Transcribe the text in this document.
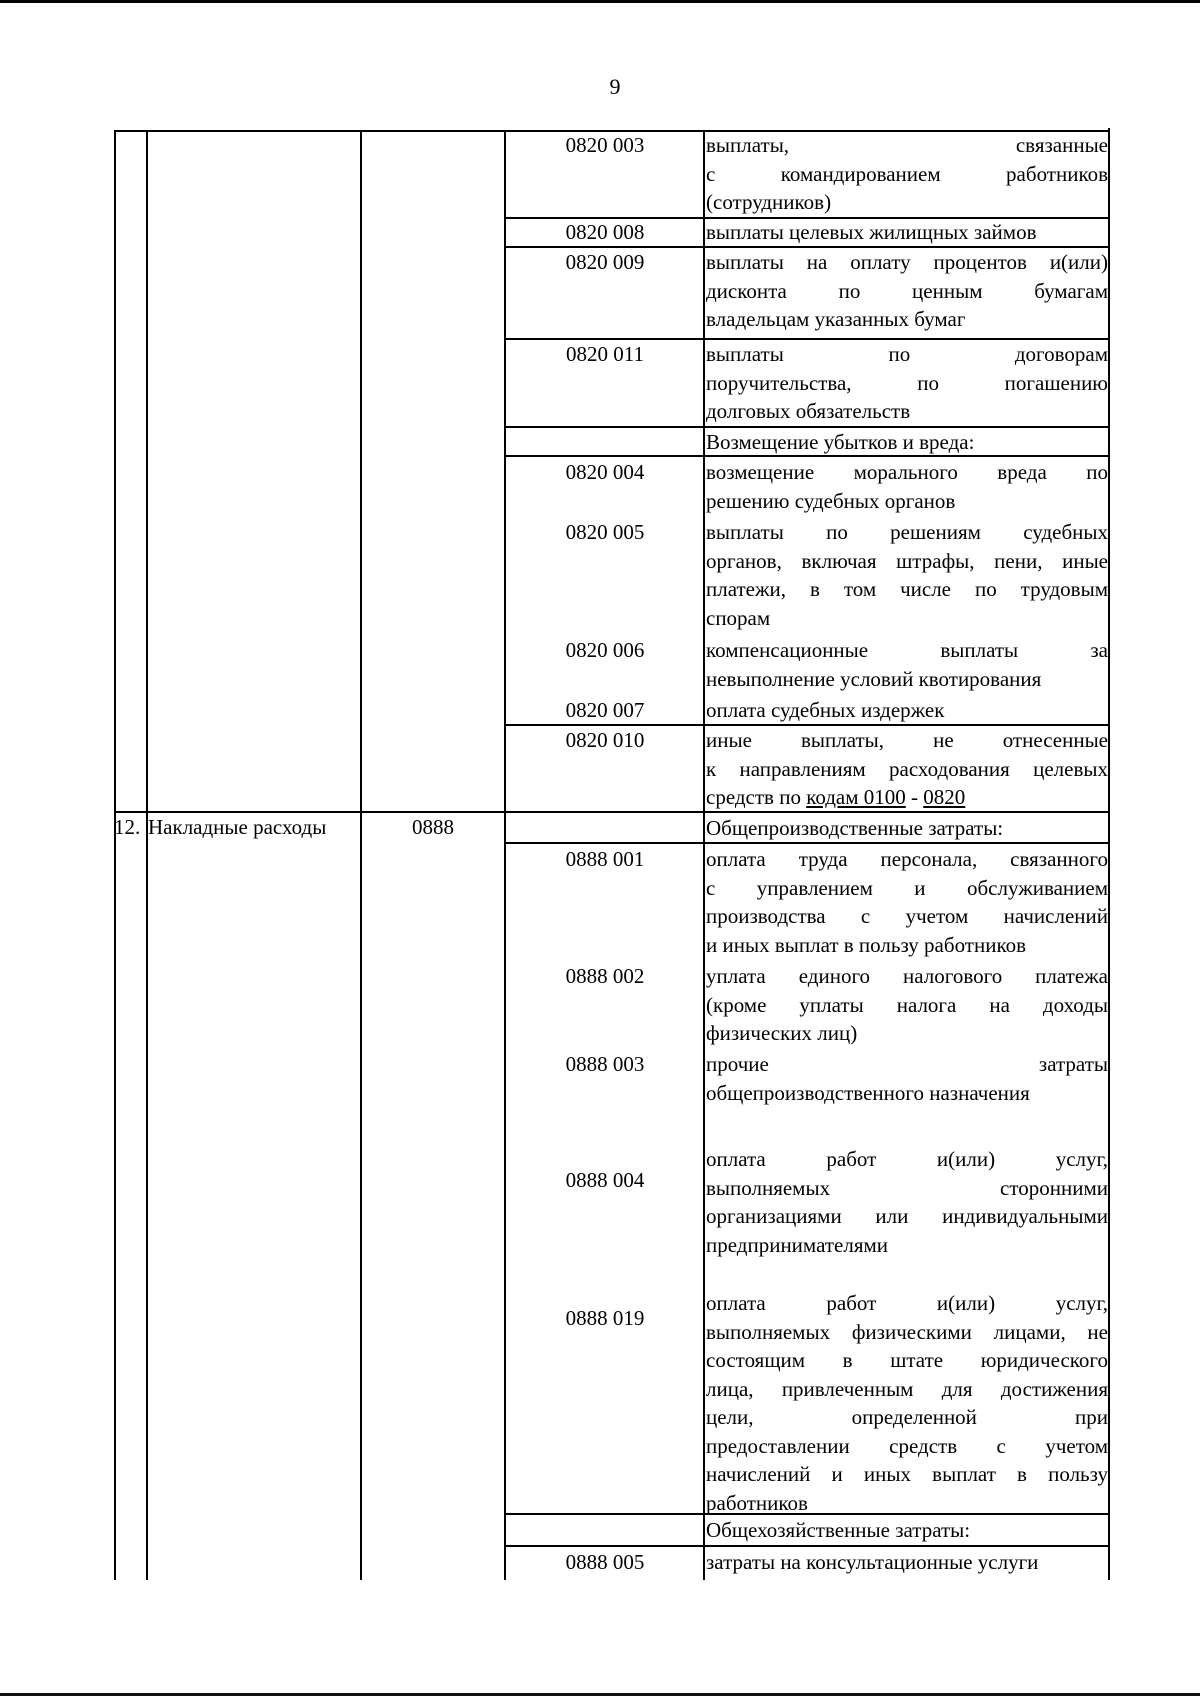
9
12. Накладные расходы	0888
0820 003
0820 008
0820 009
0820 011
0820 004
0820 005
0820 006
0820 007
0820 010
0888 001
0888 002
0888 003
0888 004
0888 019
0888 005
выплаты, связанные
с командированием работников
(сотрудников)
выплаты целевых жилищных займов
выплаты на оплату процентов и(или)
дисконта по ценным бумагам
владельцам указанных бумаг
выплаты по договорам
поручительства, по погашению
долговых обязательств
Возмещение убытков и вреда:
возмещение морального вреда по
решению судебных органов
выплаты по решениям судебных
органов, включая штрафы, пени, иные
платежи, в том числе по трудовым
спорам
компенсационные выплаты за
невыполнение условий квотирования
оплата судебных издержек
иные выплаты, не отнесенные
к направлениям расходования целевых
средств по кодам 0100 - 0820
Общепроизводственные затраты:
оплата труда персонала, связанного
с управлением и обслуживанием
производства с учетом начислений
и иных выплат в пользу работников
уплата единого налогового платежа
(кроме уплаты налога на доходы
физических лиц)
прочие затраты
общепроизводственного назначения
оплата работ и(или) услуг,
выполняемых сторонними
организациями или индивидуальными
предпринимателями
оплата работ и(или) услуг,
выполняемых физическими лицами, не
состоящим в штате юридического
лица, привлеченным для достижения
цели, определенной при
предоставлении средств с учетом
начислений и иных выплат в пользу
работников
Общехозяйственные затраты:
затраты на консультационные услуги
